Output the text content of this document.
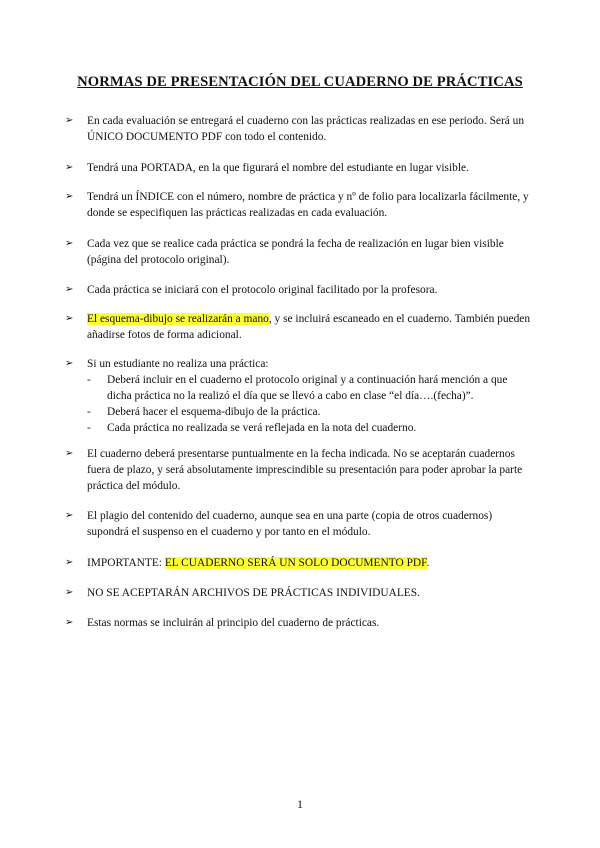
NORMAS DE PRESENTACIÓN DEL CUADERNO DE PRÁCTICAS
➢ En cada evaluación se entregará el cuaderno con las prácticas realizadas en ese periodo. Será un ÚNICO DOCUMENTO PDF con todo el contenido.
➢ Tendrá una PORTADA, en la que figurará el nombre del estudiante en lugar visible.
➢ Tendrá un ÍNDICE con el número, nombre de práctica y nº de folio para localizarla fácilmente, y donde se especifiquen las prácticas realizadas en cada evaluación.
➢ Cada vez que se realice cada práctica se pondrá la fecha de realización en lugar bien visible (página del protocolo original).
➢ Cada práctica se iniciará con el protocolo original facilitado por la profesora.
➢ El esquema-dibujo se realizarán a mano, y se incluirá escaneado en el cuaderno. También pueden añadirse fotos de forma adicional.
➢ Si un estudiante no realiza una práctica:
- Deberá incluir en el cuaderno el protocolo original y a continuación hará mención a que dicha práctica no la realizó el día que se llevó a cabo en clase “el día….(fecha)”.
- Deberá hacer el esquema-dibujo de la práctica.
- Cada práctica no realizada se verá reflejada en la nota del cuaderno.
➢ El cuaderno deberá presentarse puntualmente en la fecha indicada. No se aceptarán cuadernos fuera de plazo, y será absolutamente imprescindible su presentación para poder aprobar la parte práctica del módulo.
➢ El plagio del contenido del cuaderno, aunque sea en una parte (copia de otros cuadernos) supondrá el suspenso en el cuaderno y por tanto en el módulo.
➢ IMPORTANTE: EL CUADERNO SERÁ UN SOLO DOCUMENTO PDF.
➢ NO SE ACEPTARÁN ARCHIVOS DE PRÁCTICAS INDIVIDUALES.
➢ Estas normas se incluirán al principio del cuaderno de prácticas.
1
